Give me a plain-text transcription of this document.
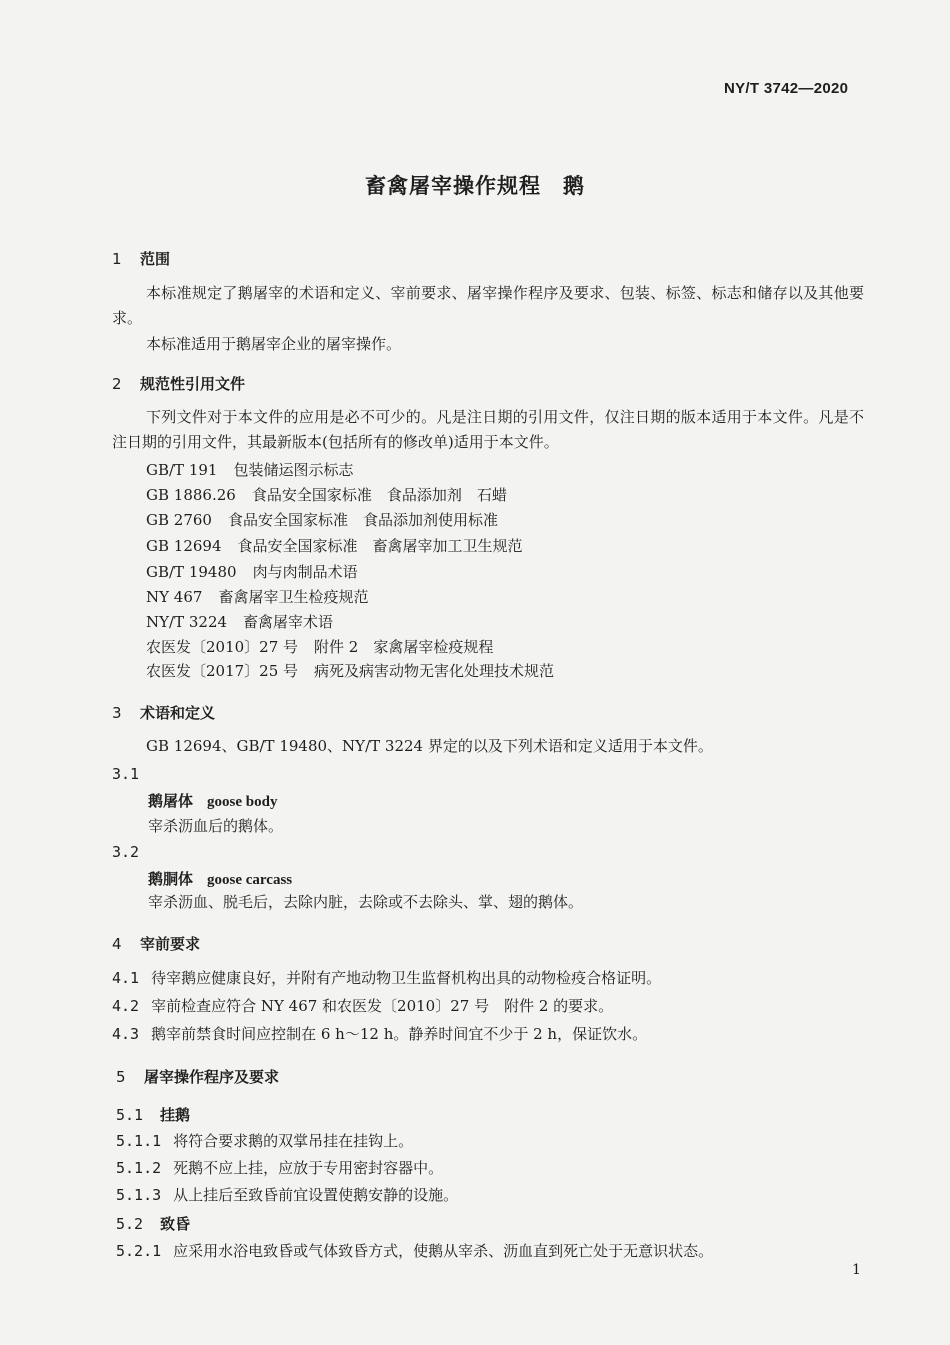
NY/T 3742—2020
畜禽屠宰操作规程 鹅
1 范围
本标准规定了鹅屠宰的术语和定义、宰前要求、屠宰操作程序及要求、包装、标签、标志和储存以及其他要求。
本标准适用于鹅屠宰企业的屠宰操作。
2 规范性引用文件
下列文件对于本文件的应用是必不可少的。凡是注日期的引用文件，仅注日期的版本适用于本文件。凡是不注日期的引用文件，其最新版本(包括所有的修改单)适用于本文件。
GB/T 191 包装储运图示标志
GB 1886.26 食品安全国家标准　食品添加剂　石蜡
GB 2760 食品安全国家标准　食品添加剂使用标准
GB 12694 食品安全国家标准　畜禽屠宰加工卫生规范
GB/T 19480 肉与肉制品术语
NY 467 畜禽屠宰卫生检疫规范
NY/T 3224 畜禽屠宰术语
农医发〔2010〕27 号 附件 2　家禽屠宰检疫规程
农医发〔2017〕25 号 病死及病害动物无害化处理技术规范
3 术语和定义
GB 12694、GB/T 19480、NY/T 3224 界定的以及下列术语和定义适用于本文件。
3.1
鹅屠体 goose body
宰杀沥血后的鹅体。
3.2
鹅胴体 goose carcass
宰杀沥血、脱毛后，去除内脏，去除或不去除头、掌、翅的鹅体。
4 宰前要求
4.1 待宰鹅应健康良好，并附有产地动物卫生监督机构出具的动物检疫合格证明。
4.2 宰前检查应符合 NY 467 和农医发〔2010〕27 号　附件 2 的要求。
4.3 鹅宰前禁食时间应控制在 6 h～12 h。静养时间宜不少于 2 h，保证饮水。
5 屠宰操作程序及要求
5.1 挂鹅
5.1.1 将符合要求鹅的双掌吊挂在挂钩上。
5.1.2 死鹅不应上挂，应放于专用密封容器中。
5.1.3 从上挂后至致昏前宜设置使鹅安静的设施。
5.2 致昏
5.2.1 应采用水浴电致昏或气体致昏方式，使鹅从宰杀、沥血直到死亡处于无意识状态。
1
